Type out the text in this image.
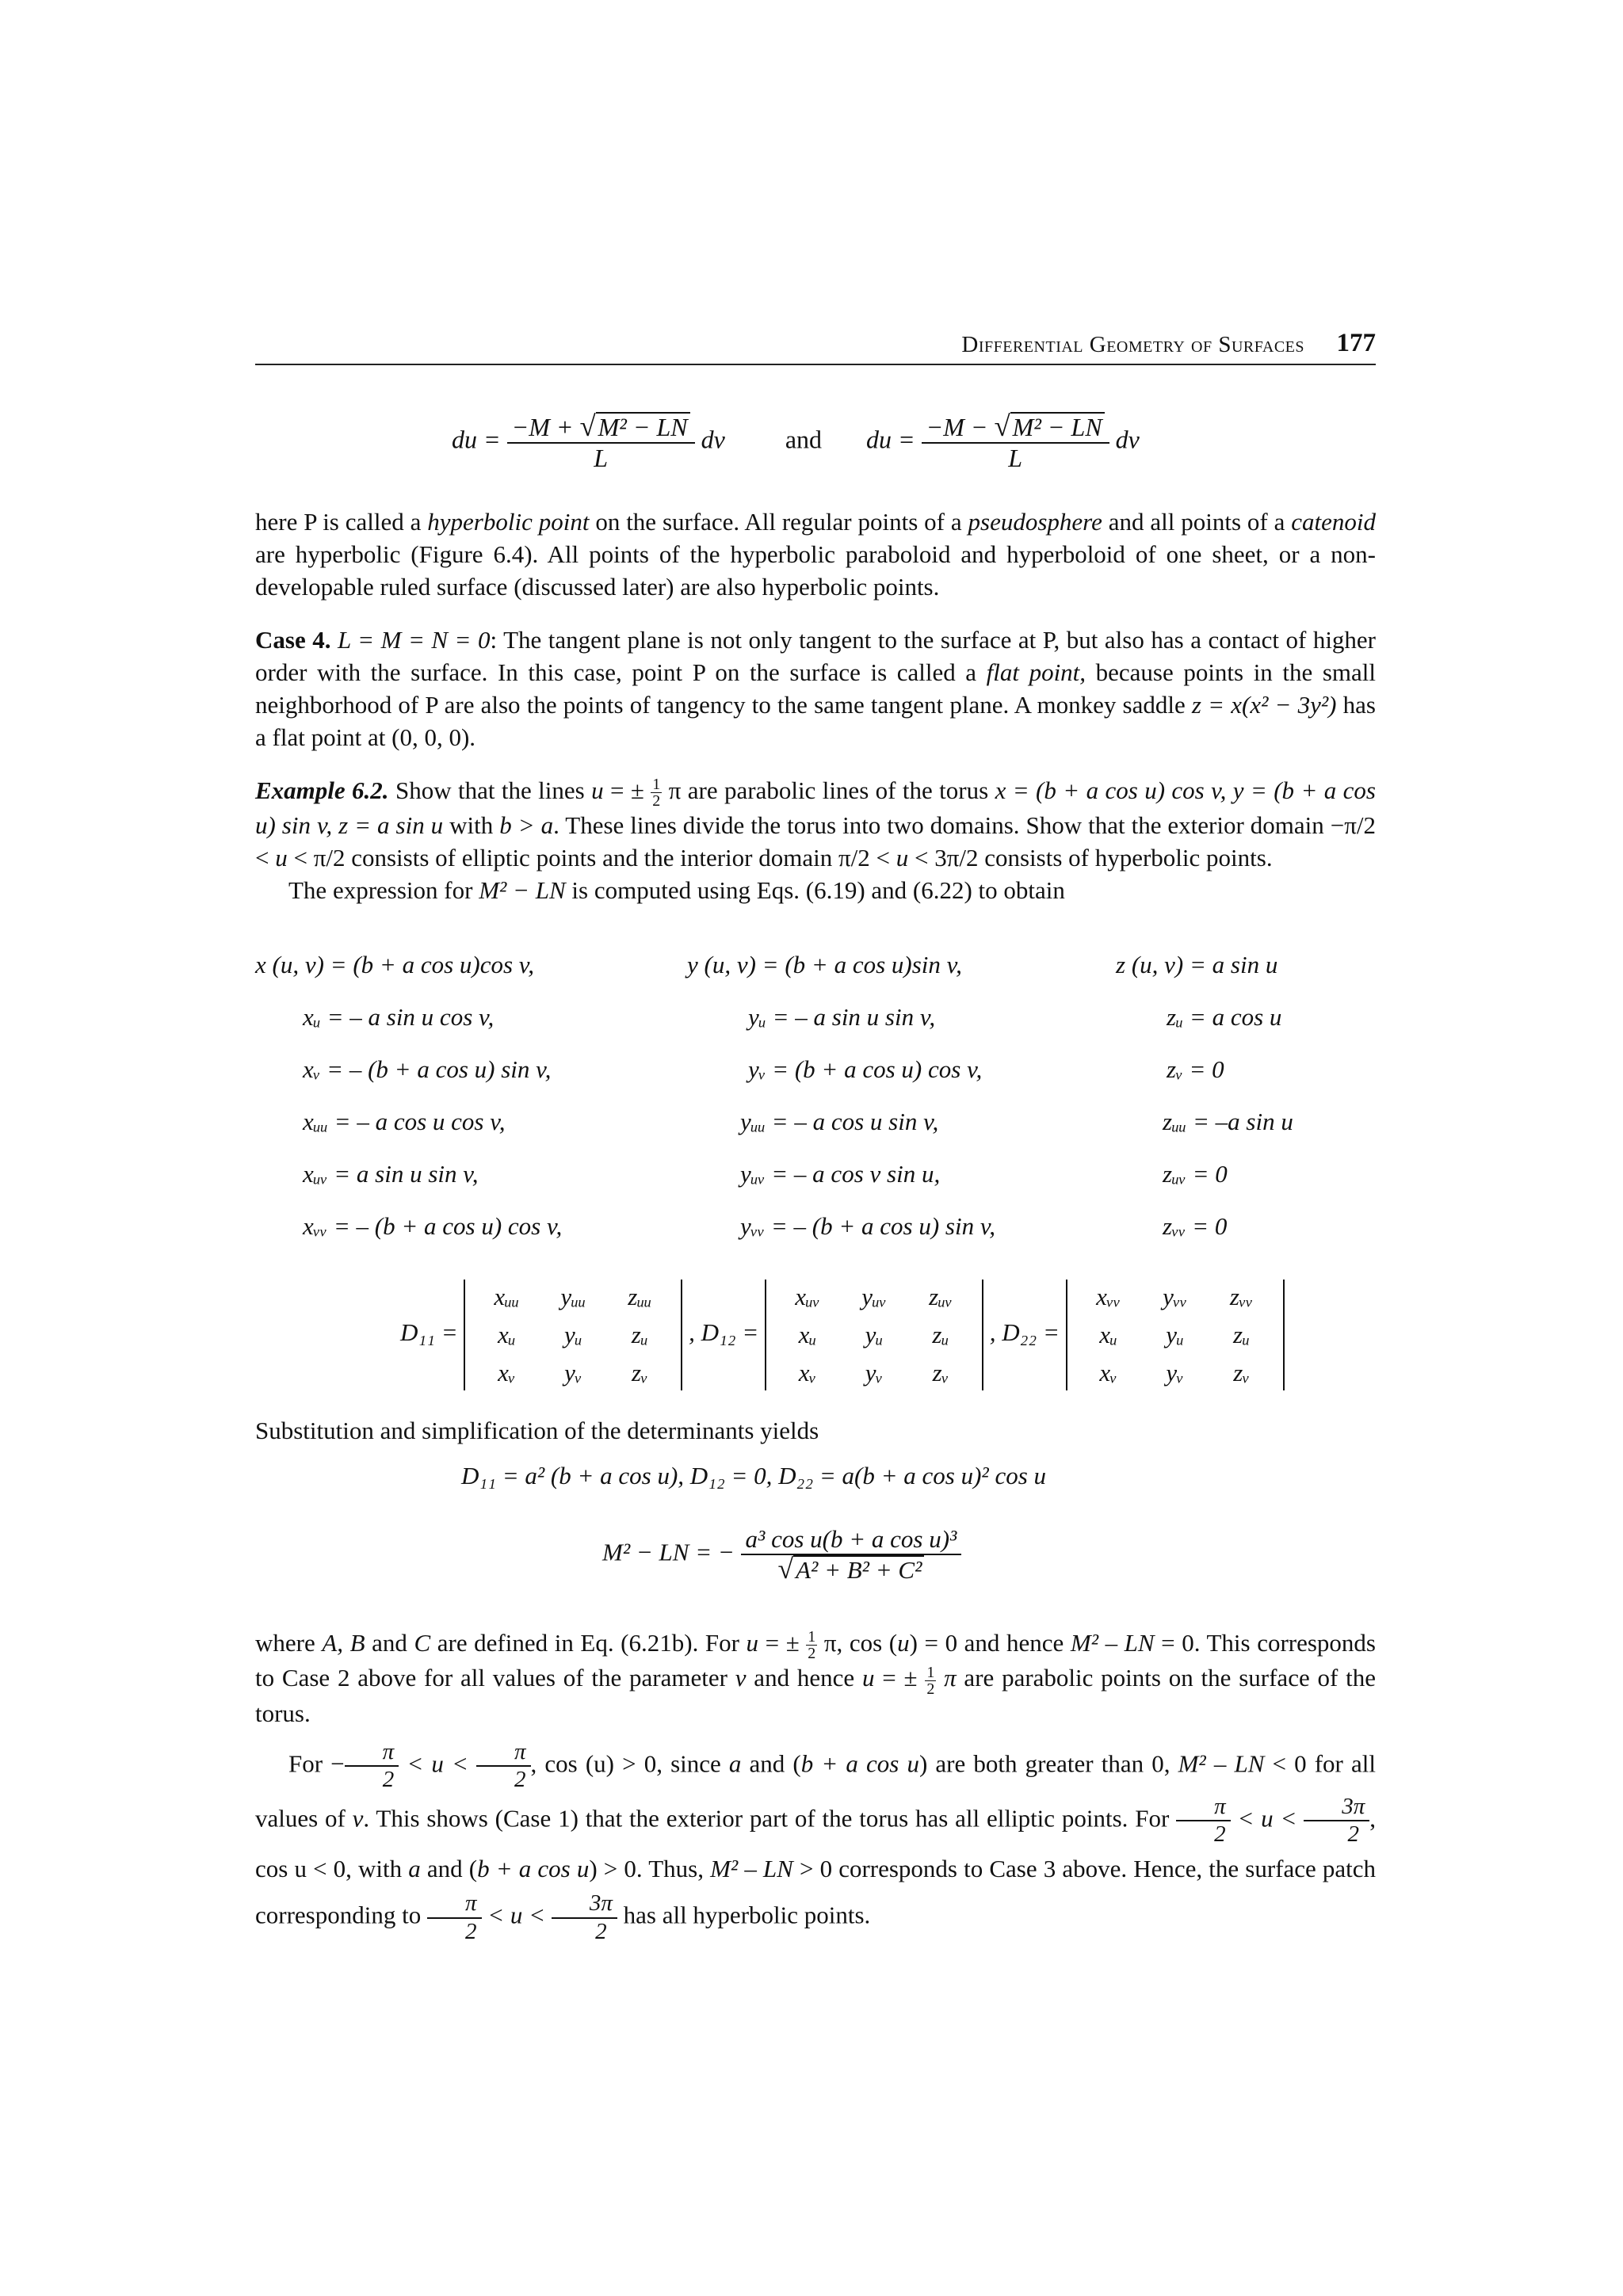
Differential Geometry of Surfaces 177
du = $\frac{\text{−M + √ M² − LN}}{L}$ dv and du = $\frac{\text{−M − √ M² − LN}}{L}$ dv

here P is called a hyperbolic point on the surface. All regular points of a pseudosphere and all points of a catenoid are hyperbolic (Figure 6.4). All points of the hyperbolic paraboloid and hyperboloid of one sheet, or a non-developable ruled surface (discussed later) are also hyperbolic points.

Case 4. L = M = N = 0: The tangent plane is not only tangent to the surface at P, but also has a contact of higher order with the surface. In this case, point P on the surface is called a flat point, because points in the small neighborhood of P are also the points of tangency to the same tangent plane. A monkey saddle z = x(x² − 3y²) has a flat point at (0, 0, 0).

Example 6.2. Show that the lines u = ± $\frac{1}{2}$ π are parabolic lines of the torus x = (b + a cos u) cos v, y = (b + a cos u) sin v, z = a sin u with b > a. These lines divide the torus into two domains. Show that the exterior domain −π/2 < u < π/2 consists of elliptic points and the interior domain π/2 < u < 3π/2 consists of hyperbolic points.

The expression for M² − LN is computed using Eqs. (6.19) and (6.22) to obtain

x (u, v) = (b + a cos u)cos v,	y (u, v) = (b + a cos u)sin v,	z (u, v) = a sin u
xᵤ = – a sin u cos v,	yᵤ = – a sin u sin v,	zᵤ = a cos u
xᵥ = – (b + a cos u) sin v,	yᵥ = (b + a cos u) cos v,	zᵥ = 0
xᵤᵤ = – a cos u cos v,	yᵤᵤ = – a cos u sin v,	zᵤᵤ = –a sin u
xᵤᵥ = a sin u sin v,	yᵤᵥ = – a cos v sin u,	zᵤᵥ = 0
xᵥᵥ = – (b + a cos u) cos v,	yᵥᵥ = – (b + a cos u) sin v,	zᵥᵥ = 0
D₁₁ =
xᵤᵤ	yᵤᵤ	zᵤᵤ
xᵤ	yᵤ	zᵤ
xᵥ	yᵥ	zᵥ
, D₁₂ =
xᵤᵥ	yᵤᵥ	zᵤᵥ
xᵤ	yᵤ	zᵤ
xᵥ	yᵥ	zᵥ
, D₂₂ =
xᵥᵥ	yᵥᵥ	zᵥᵥ
xᵤ	yᵤ	zᵤ
xᵥ	yᵥ	zᵥ

Substitution and simplification of the determinants yields

D₁₁ = a² (b + a cos u), D₁₂ = 0, D₂₂ = a(b + a cos u)² cos u
M² − LN = − $\frac{\text{a³ cos u(b + a cos u)³}}{\text{√ A² + B² + C²}}$

where A, B and C are defined in Eq. (6.21b). For u = ± $\frac{1}{2} \pi$, cos (u) = 0 and hence M² – LN = 0. This corresponds to Case 2 above for all values of the parameter v and hence u = ± $\frac{1}{2}$ π are parabolic points on the surface of the torus.

For − $\frac{\pi}{2} < u < \frac{\pi}{2}$ , cos (u) > 0, since a and (b + a cos u) are both greater than 0, M² – LN < 0 for all values of v. This shows (Case 1) that the exterior part of the torus has all elliptic points. For $\frac{\pi}{2} < u < \frac{3\pi}{2}$ , cos u < 0, with a and (b + a cos u) > 0. Thus, M² – LN > 0 corresponds to Case 3 above. Hence, the surface patch corresponding to $\frac{\pi}{2} < u < \frac{3\pi}{2}$ has all hyperbolic points.
